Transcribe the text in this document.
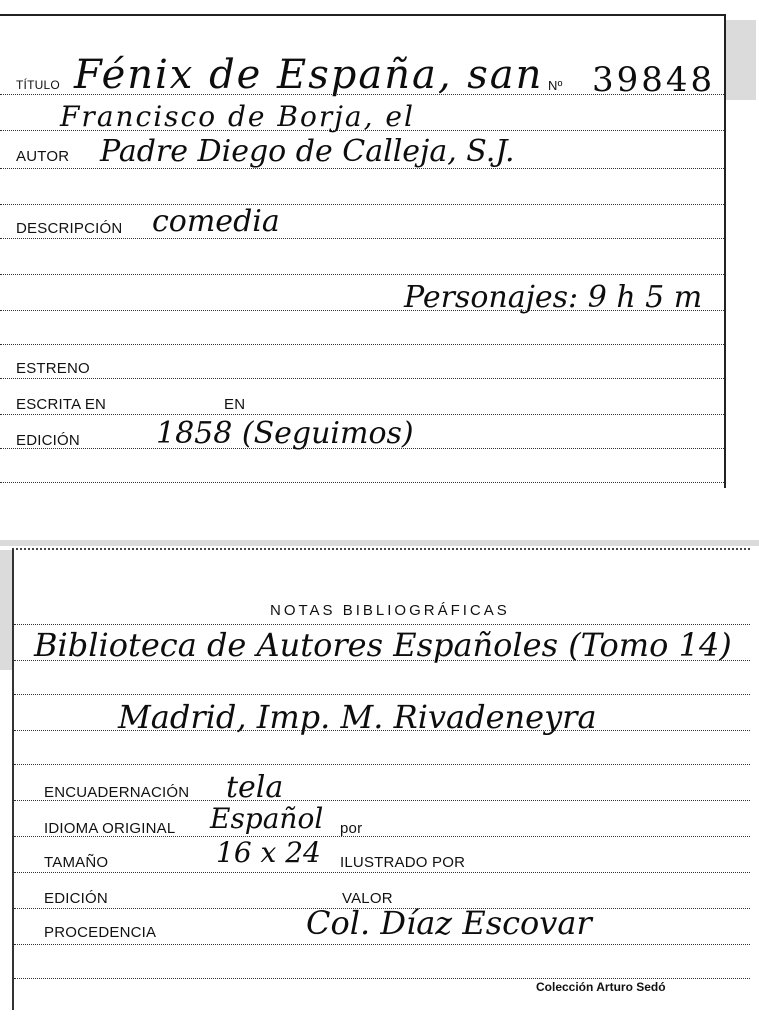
TÍTULO Fénix de España, san Nº 39848
Francisco de Borja, el
AUTOR Padre Diego de Calleja, S.J.
DESCRIPCIÓN comedia
Personajes: 9 h 5 m
ESTRENO
ESCRITA EN	EN
EDICIÓN	1858 (Seguimos)
NOTAS BIBLIOGRÁFICAS
Biblioteca de Autores Españoles (Tomo 14)
Madrid, Imp. M. Rivadeneyra
ENCUADERNACIÓN tela
IDIOMA ORIGINAL Español por
TAMAÑO	16 x 24 ILUSTRADO POR
EDICIÓN	VALOR
PROCEDENCIA	Col. Díaz Escovar
Colección Arturo Sedó
